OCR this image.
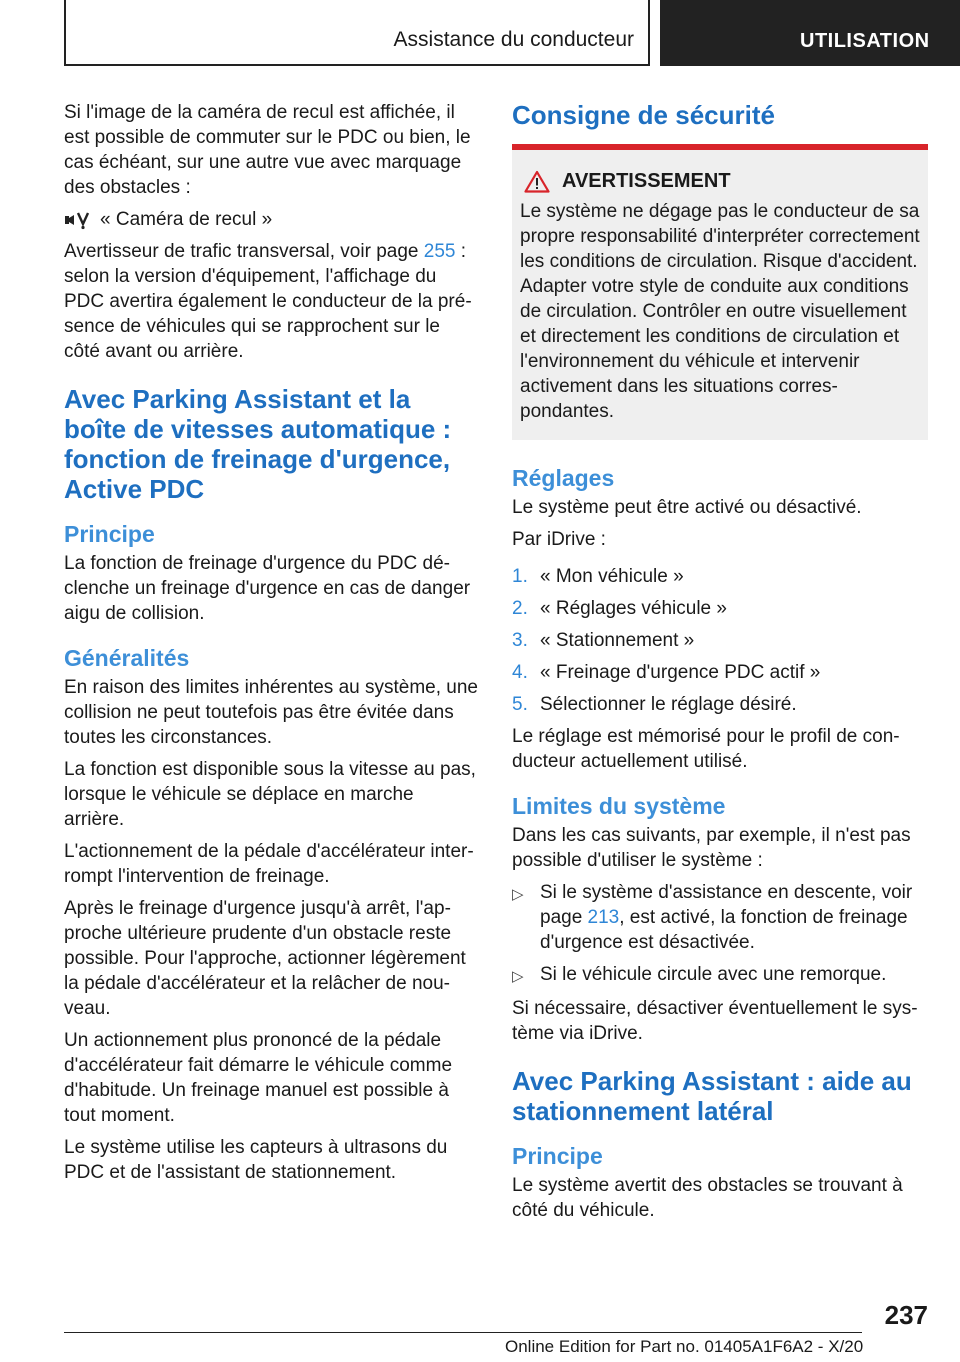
Assistance du conducteur	UTILISATION

Si l'image de la caméra de recul est affichée, il est possible de commuter sur le PDC ou bien, le cas échéant, sur une autre vue avec marquage des obstacles :

« Caméra de recul »

Avertisseur de trafic transversal, voir page 255 : selon la version d'équipement, l'affichage du PDC avertira également le conducteur de la présence de véhicules qui se rapprochent sur le côté avant ou arrière.

Avec Parking Assistant et la boîte de vitesses automatique : fonction de freinage d'urgence, Active PDC
Principe

La fonction de freinage d'urgence du PDC déclenche un freinage d'urgence en cas de danger aigu de collision.

Généralités

En raison des limites inhérentes au système, une collision ne peut toutefois pas être évitée dans toutes les circonstances.

La fonction est disponible sous la vitesse au pas, lorsque le véhicule se déplace en marche arrière.

L'actionnement de la pédale d'accélérateur interrompt l'intervention de freinage.

Après le freinage d'urgence jusqu'à arrêt, l'approche ultérieure prudente d'un obstacle reste possible. Pour l'approche, actionner légèrement la pédale d'accélérateur et la relâcher de nouveau.

Un actionnement plus prononcé de la pédale d'accélérateur fait démarre le véhicule comme d'habitude. Un freinage manuel est possible à tout moment.

Le système utilise les capteurs à ultrasons du PDC et de l'assistant de stationnement.

Consigne de sécurité
AVERTISSEMENT

Le système ne dégage pas le conducteur de sa propre responsabilité d'interpréter correctement les conditions de circulation. Risque d'accident. Adapter votre style de conduite aux conditions de circulation. Contrôler en outre visuellement et directement les conditions de circulation et l'environnement du véhicule et intervenir activement dans les situations correspondantes.

Réglages

Le système peut être activé ou désactivé.

Par iDrive :

1. « Mon véhicule »
2. « Réglages véhicule »
3. « Stationnement »
4. « Freinage d'urgence PDC actif »
5. Sélectionner le réglage désiré.

Le réglage est mémorisé pour le profil de conducteur actuellement utilisé.

Limites du système

Dans les cas suivants, par exemple, il n'est pas possible d'utiliser le système :

▷ Si le système d'assistance en descente, voir page 213, est activé, la fonction de freinage d'urgence est désactivée.
▷ Si le véhicule circule avec une remorque.

Si nécessaire, désactiver éventuellement le système via iDrive.

Avec Parking Assistant : aide au stationnement latéral
Principe

Le système avertit des obstacles se trouvant à côté du véhicule.

237
Online Edition for Part no. 01405A1F6A2 - X/20
